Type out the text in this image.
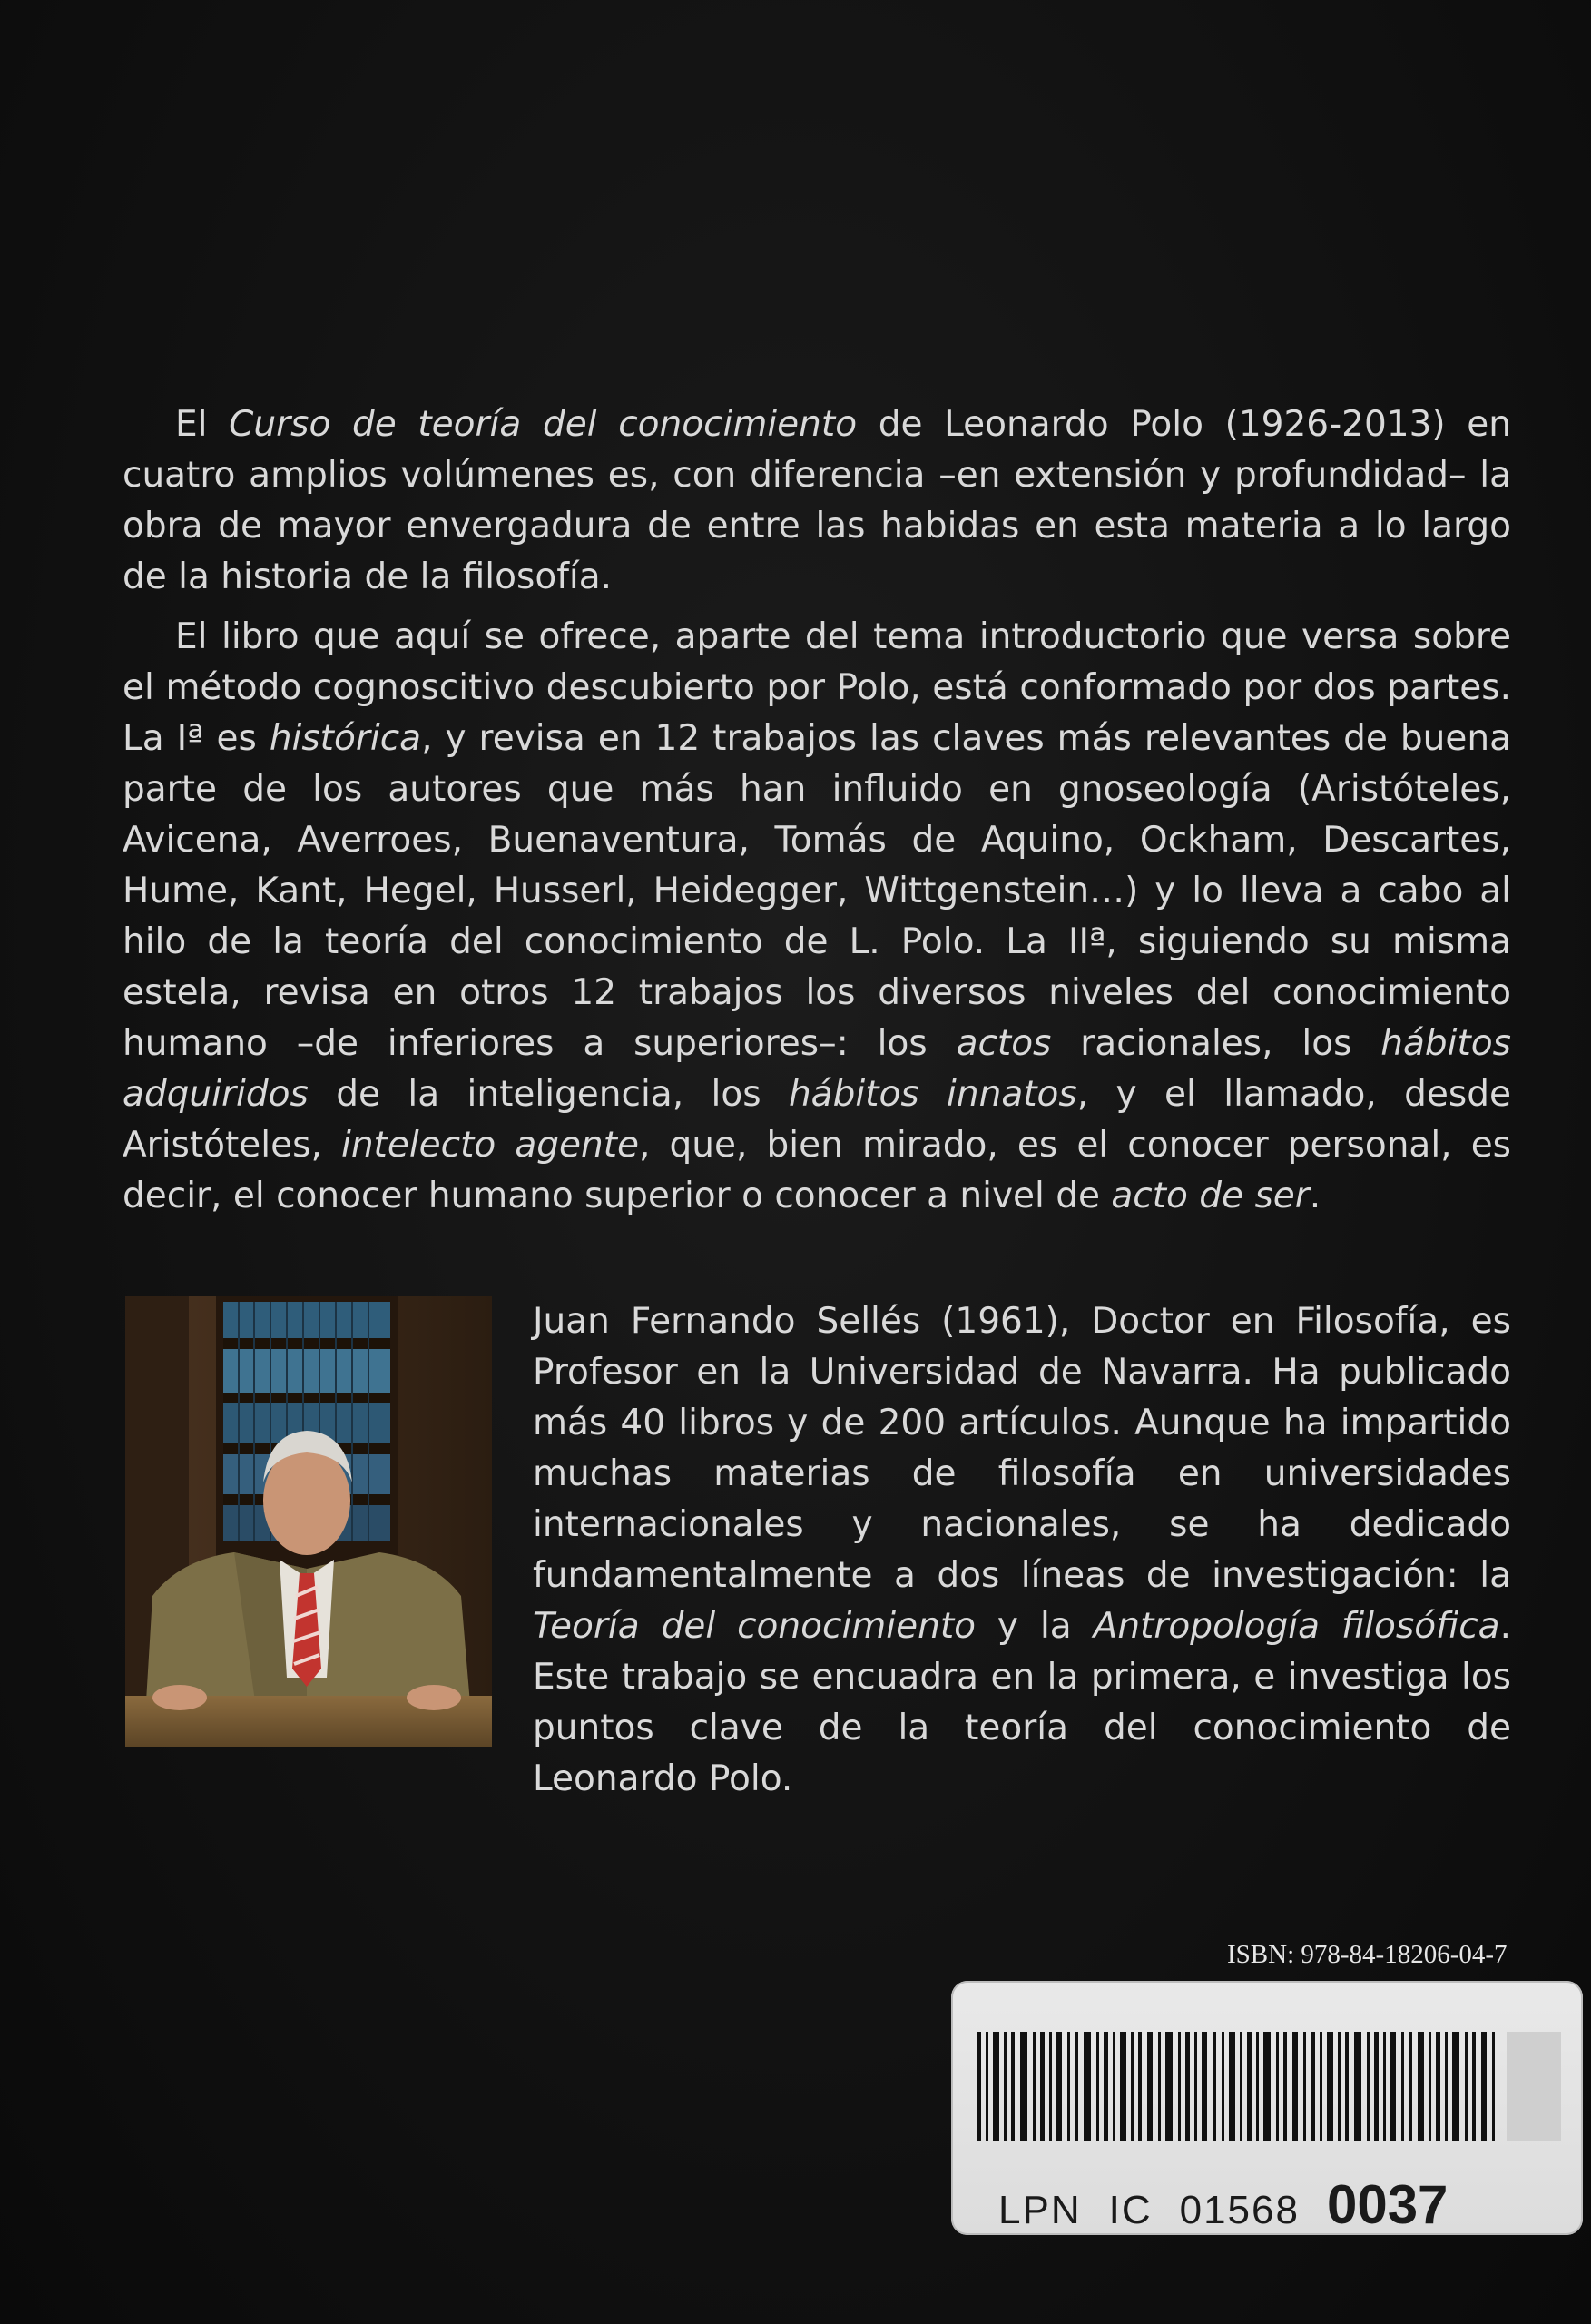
El Curso de teoría del conocimiento de Leonardo Polo (1926-2013) en cuatro amplios volúmenes es, con diferencia –en extensión y profundidad– la obra de mayor envergadura de entre las habidas en esta materia a lo largo de la historia de la filosofía.

El libro que aquí se ofrece, aparte del tema introductorio que versa sobre el método cognoscitivo descubierto por Polo, está conformado por dos partes. La Iª es histórica, y revisa en 12 trabajos las claves más relevantes de buena parte de los autores que más han influido en gnoseología (Aristóteles, Avicena, Averroes, Buenaventura, Tomás de Aquino, Ockham, Descartes, Hume, Kant, Hegel, Husserl, Heidegger, Wittgenstein…) y lo lleva a cabo al hilo de la teoría del conocimiento de L. Polo. La IIª, siguiendo su misma estela, revisa en otros 12 trabajos los diversos niveles del conocimiento humano –de inferiores a superiores–: los actos racionales, los hábitos adquiridos de la inteligencia, los hábitos innatos, y el llamado, desde Aristóteles, intelecto agente, que, bien mirado, es el conocer personal, es decir, el conocer humano superior o conocer a nivel de acto de ser.

Juan Fernando Sellés (1961), Doctor en Filosofía, es Profesor en la Universidad de Navarra. Ha publicado más 40 libros y de 200 artículos. Aunque ha impartido muchas materias de filosofía en universidades internacionales y nacionales, se ha dedicado fundamentalmente a dos líneas de investigación: la Teoría del conocimiento y la Antropología filosófica. Este trabajo se encuadra en la primera, e investiga los puntos clave de la teoría del conocimiento de Leonardo Polo.

ISBN: 978-84-18206-04-7
LPN IC 01568 0037
